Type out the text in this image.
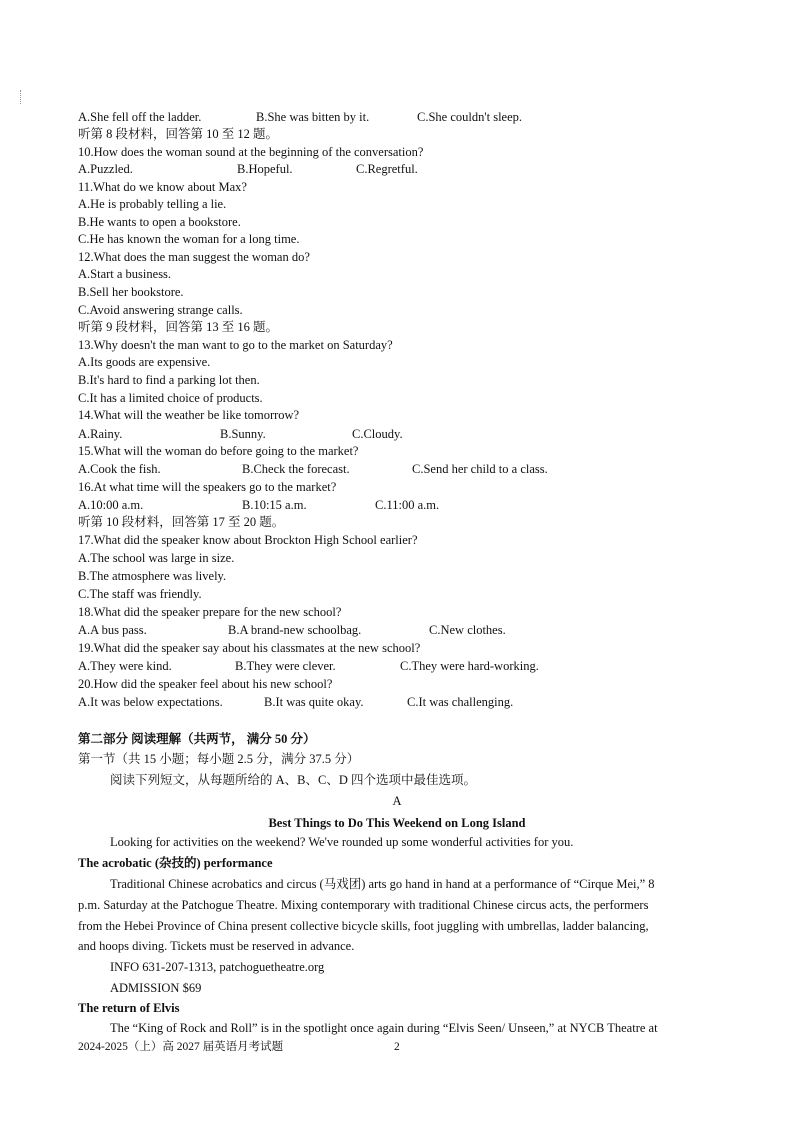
A.She fell off the ladder.	B.She was bitten by it.	C.She couldn't sleep.
听第 8 段材料，回答第 10 至 12 题。
10.How does the woman sound at the beginning of the conversation?
A.Puzzled.	B.Hopeful.	C.Regretful.
11.What do we know about Max?
A.He is probably telling a lie.
B.He wants to open a bookstore.
C.He has known the woman for a long time.
12.What does the man suggest the woman do?
A.Start a business.
B.Sell her bookstore.
C.Avoid answering strange calls.
听第 9 段材料，回答第 13 至 16 题。
13.Why doesn't the man want to go to the market on Saturday?
A.Its goods are expensive.
B.It's hard to find a parking lot then.
C.It has a limited choice of products.
14.What will the weather be like tomorrow?
A.Rainy.	B.Sunny.	C.Cloudy.
15.What will the woman do before going to the market?
A.Cook the fish.	B.Check the forecast.	C.Send her child to a class.
16.At what time will the speakers go to the market?
A.10:00 a.m.	B.10:15 a.m.	C.11:00 a.m.
听第 10 段材料，回答第 17 至 20 题。
17.What did the speaker know about Brockton High School earlier?
A.The school was large in size.
B.The atmosphere was lively.
C.The staff was friendly.
18.What did the speaker prepare for the new school?
A.A bus pass.	B.A brand-new schoolbag.	C.New clothes.
19.What did the speaker say about his classmates at the new school?
A.They were kind.	B.They were clever.	C.They were hard-working.
20.How did the speaker feel about his new school?
A.It was below expectations.	B.It was quite okay.	C.It was challenging.
第二部分 阅读理解（共两节， 满分 50 分）
第一节（共 15 小题；每小题 2.5 分，满分 37.5 分）
阅读下列短文，从每题所给的 A、B、C、D 四个选项中最佳选项。
A
Best Things to Do This Weekend on Long Island
Looking for activities on the weekend? We've rounded up some wonderful activities for you.
The acrobatic (杂技的) performance
Traditional Chinese acrobatics and circus (马戏团) arts go hand in hand at a performance of “Cirque Mei,” 8
p.m. Saturday at the Patchogue Theatre. Mixing contemporary with traditional Chinese circus acts, the performers
from the Hebei Province of China present collective bicycle skills, foot juggling with umbrellas, ladder balancing,
and hoops diving. Tickets must be reserved in advance.
INFO 631-207-1313, patchoguetheatre.org
ADMISSION $69
The return of Elvis
The “King of Rock and Roll” is in the spotlight once again during “Elvis Seen/ Unseen,” at NYCB Theatre at
2024-2025（上）高 2027 届英语月考试题	2
